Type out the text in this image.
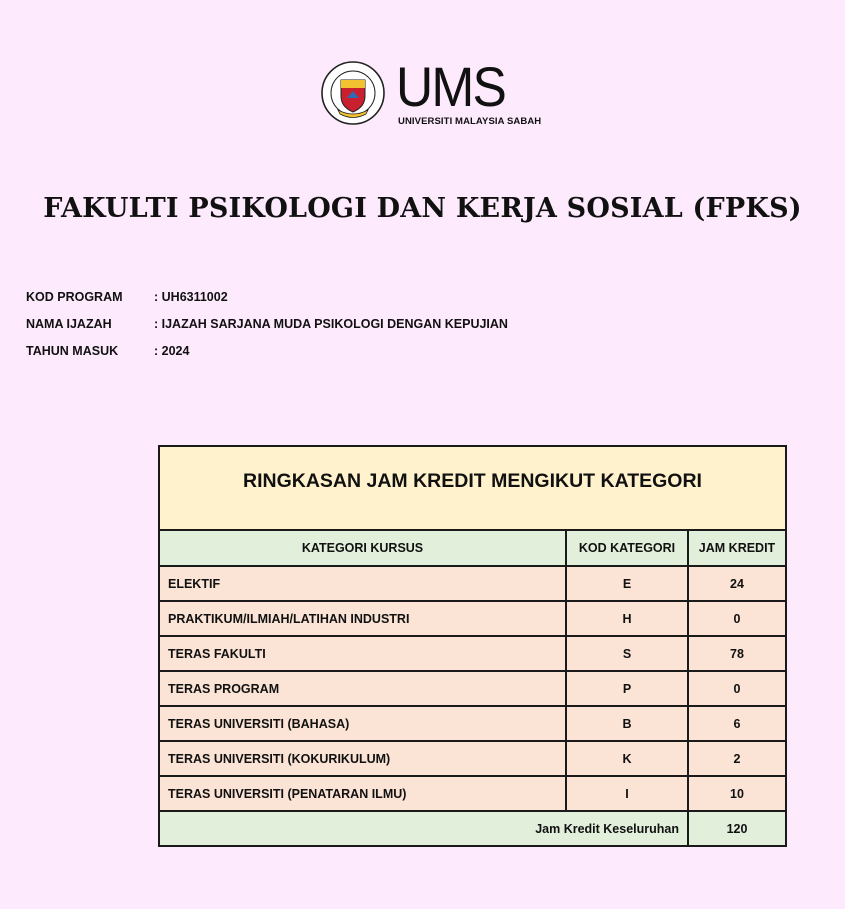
UMS
UNIVERSITI MALAYSIA SABAH
FAKULTI PSIKOLOGI DAN KERJA SOSIAL (FPKS)
KOD PROGRAM	: UH6311002
NAMA IJAZAH	: IJAZAH SARJANA MUDA PSIKOLOGI DENGAN KEPUJIAN
TAHUN MASUK	: 2024
RINGKASAN JAM KREDIT MENGIKUT KATEGORI		
KATEGORI KURSUS	KOD KATEGORI	JAM KREDIT
ELEKTIF	E	24
PRAKTIKUM/ILMIAH/LATIHAN INDUSTRI	H	0
TERAS FAKULTI	S	78
TERAS PROGRAM	P	0
TERAS UNIVERSITI (BAHASA)	B	6
TERAS UNIVERSITI (KOKURIKULUM)	K	2
TERAS UNIVERSITI (PENATARAN ILMU)	I	10
Jam Kredit Keseluruhan		120
